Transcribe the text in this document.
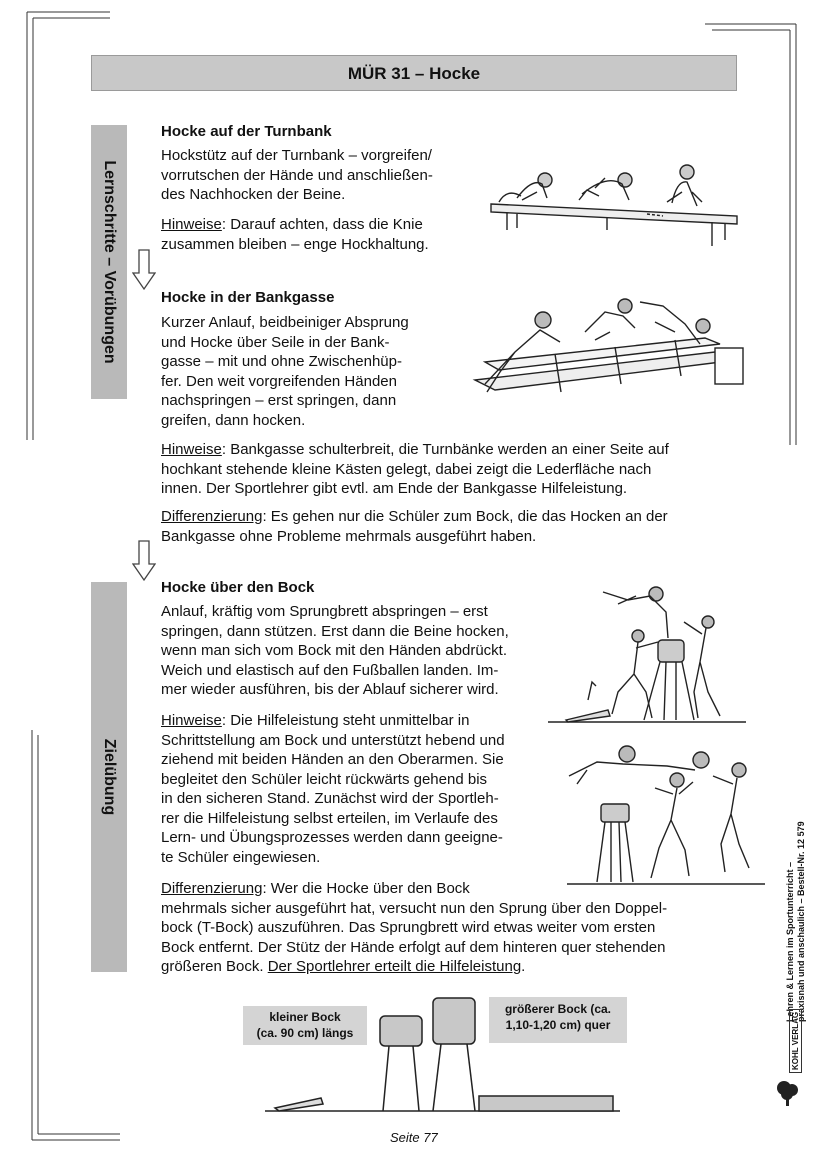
MÜR 31 – Hocke
Lernschritte – Vorübungen
Zielübung
Hocke auf der Turnbank
Hockstütz auf der Turnbank – vorgreifen/
vorrutschen der Hände und anschließen-
des Nachhocken der Beine.
Hinweise: Darauf achten, dass die Knie
zusammen bleiben – enge Hockhaltung.
Hocke in der Bankgasse
Kurzer Anlauf, beidbeiniger Absprung
und Hocke über Seile in der Bank-
gasse – mit und ohne Zwischenhüp-
fer. Den weit vorgreifenden Händen
nachspringen – erst springen, dann
greifen, dann hocken.
Hinweise: Bankgasse schulterbreit, die Turnbänke werden an einer Seite auf
hochkant stehende kleine Kästen gelegt, dabei zeigt die Lederfläche nach
innen. Der Sportlehrer gibt evtl. am Ende der Bankgasse Hilfeleistung.
Differenzierung: Es gehen nur die Schüler zum Bock, die das Hocken an der
Bankgasse ohne Probleme mehrmals ausgeführt haben.
Hocke über den Bock
Anlauf, kräftig vom Sprungbrett abspringen – erst
springen, dann stützen. Erst dann die Beine hocken,
wenn man sich vom Bock mit den Händen abdrückt.
Weich und elastisch auf den Fußballen landen. Im-
mer wieder ausführen, bis der Ablauf sicherer wird.
Hinweise: Die Hilfeleistung steht unmittelbar in
Schrittstellung am Bock und unterstützt hebend und
ziehend mit beiden Händen an den Oberarmen. Sie
begleitet den Schüler leicht rückwärts gehend bis
in den sicheren Stand. Zunächst wird der Sportleh-
rer die Hilfeleistung selbst erteilen, im Verlaufe des
Lern- und Übungsprozesses werden dann geeigne-
te Schüler eingewiesen.
Differenzierung: Wer die Hocke über den Bock
mehrmals sicher ausgeführt hat, versucht nun den Sprung über den Doppel-
bock (T-Bock) auszuführen. Das Sprungbrett wird etwas weiter vom ersten
Bock entfernt. Der Stütz der Hände erfolgt auf dem hinteren quer stehenden
größeren Bock. Der Sportlehrer erteilt die Hilfeleistung.
kleiner Bock
(ca. 90 cm) längs
größerer Bock (ca.
1,10-1,20 cm) quer
Seite 77
Lehren & Lernen im Sportunterricht – praxisnah und anschaulich – Bestell-Nr. 12 579
KOHL VERLAG
